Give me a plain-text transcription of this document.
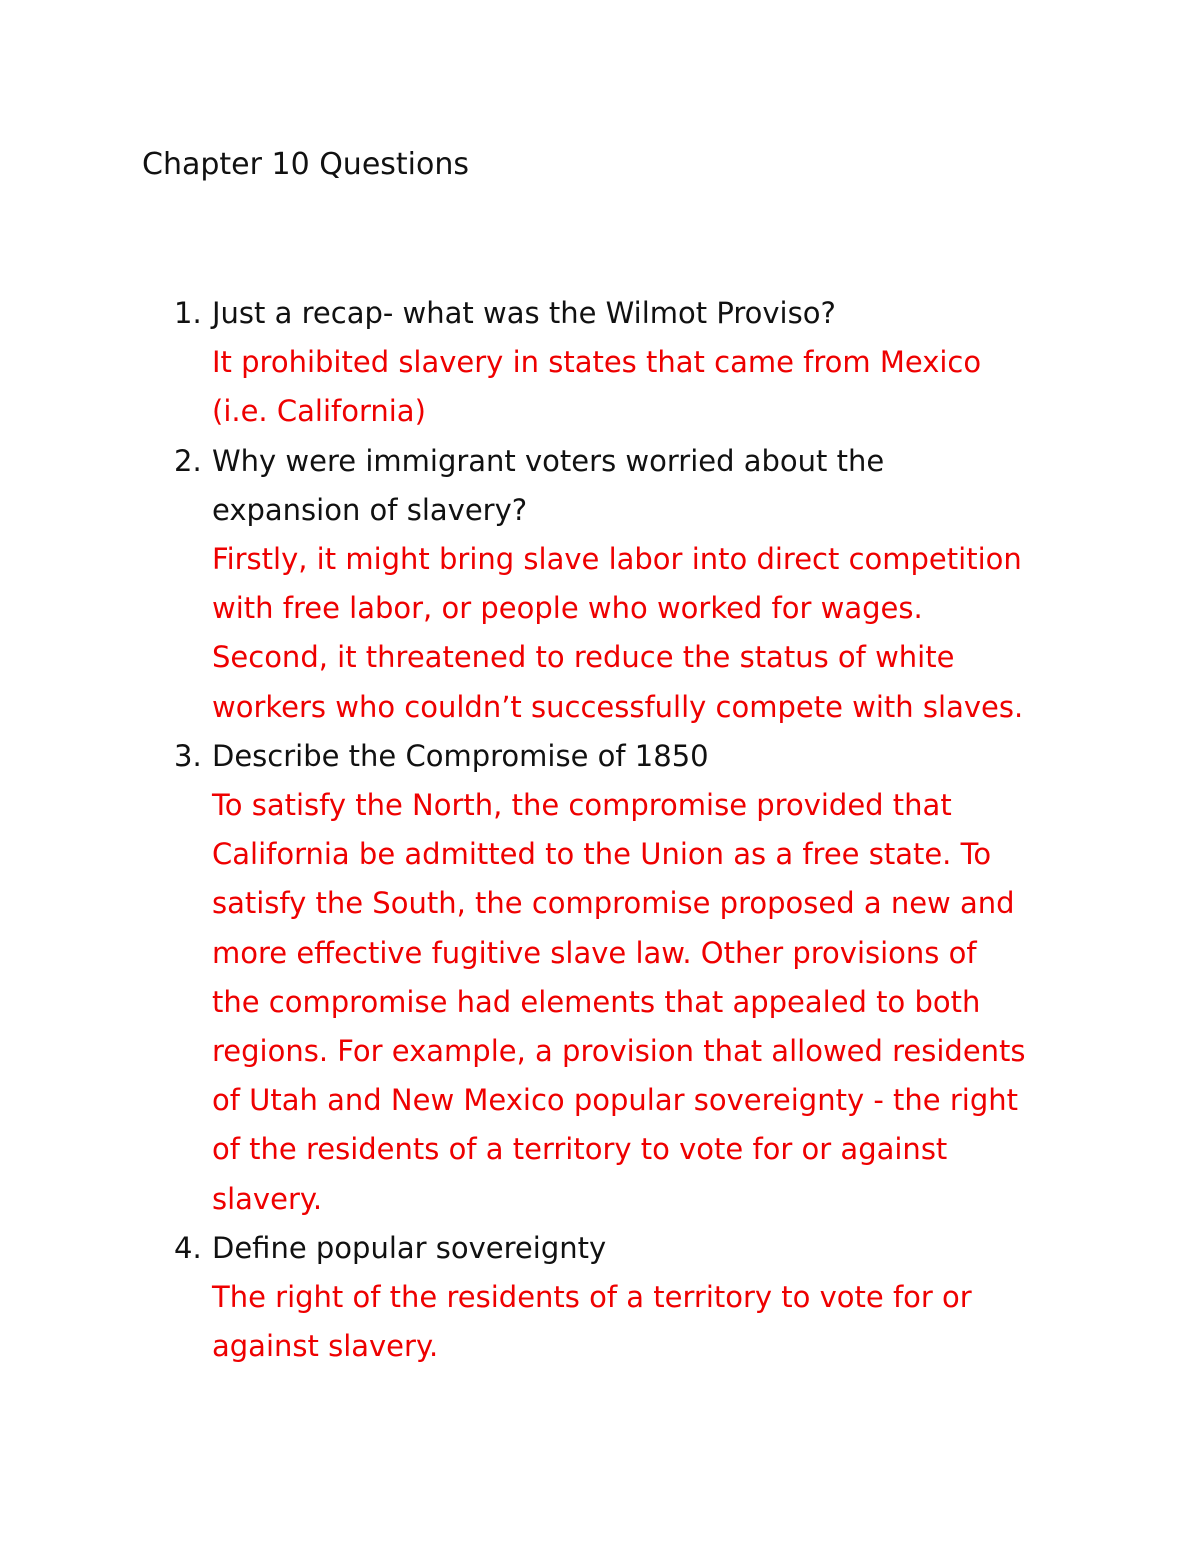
Chapter 10 Questions
1. Just a recap- what was the Wilmot Proviso?
It prohibited slavery in states that came from Mexico
(i.e. California)
2. Why were immigrant voters worried about the
expansion of slavery?
Firstly, it might bring slave labor into direct competition
with free labor, or people who worked for wages.
Second, it threatened to reduce the status of white
workers who couldn’t successfully compete with slaves.
3. Describe the Compromise of 1850
To satisfy the North, the compromise provided that
California be admitted to the Union as a free state. To
satisfy the South, the compromise proposed a new and
more effective fugitive slave law. Other provisions of
the compromise had elements that appealed to both
regions. For example, a provision that allowed residents
of Utah and New Mexico popular sovereignty - the right
of the residents of a territory to vote for or against
slavery.
4. Define popular sovereignty
The right of the residents of a territory to vote for or
against slavery.
